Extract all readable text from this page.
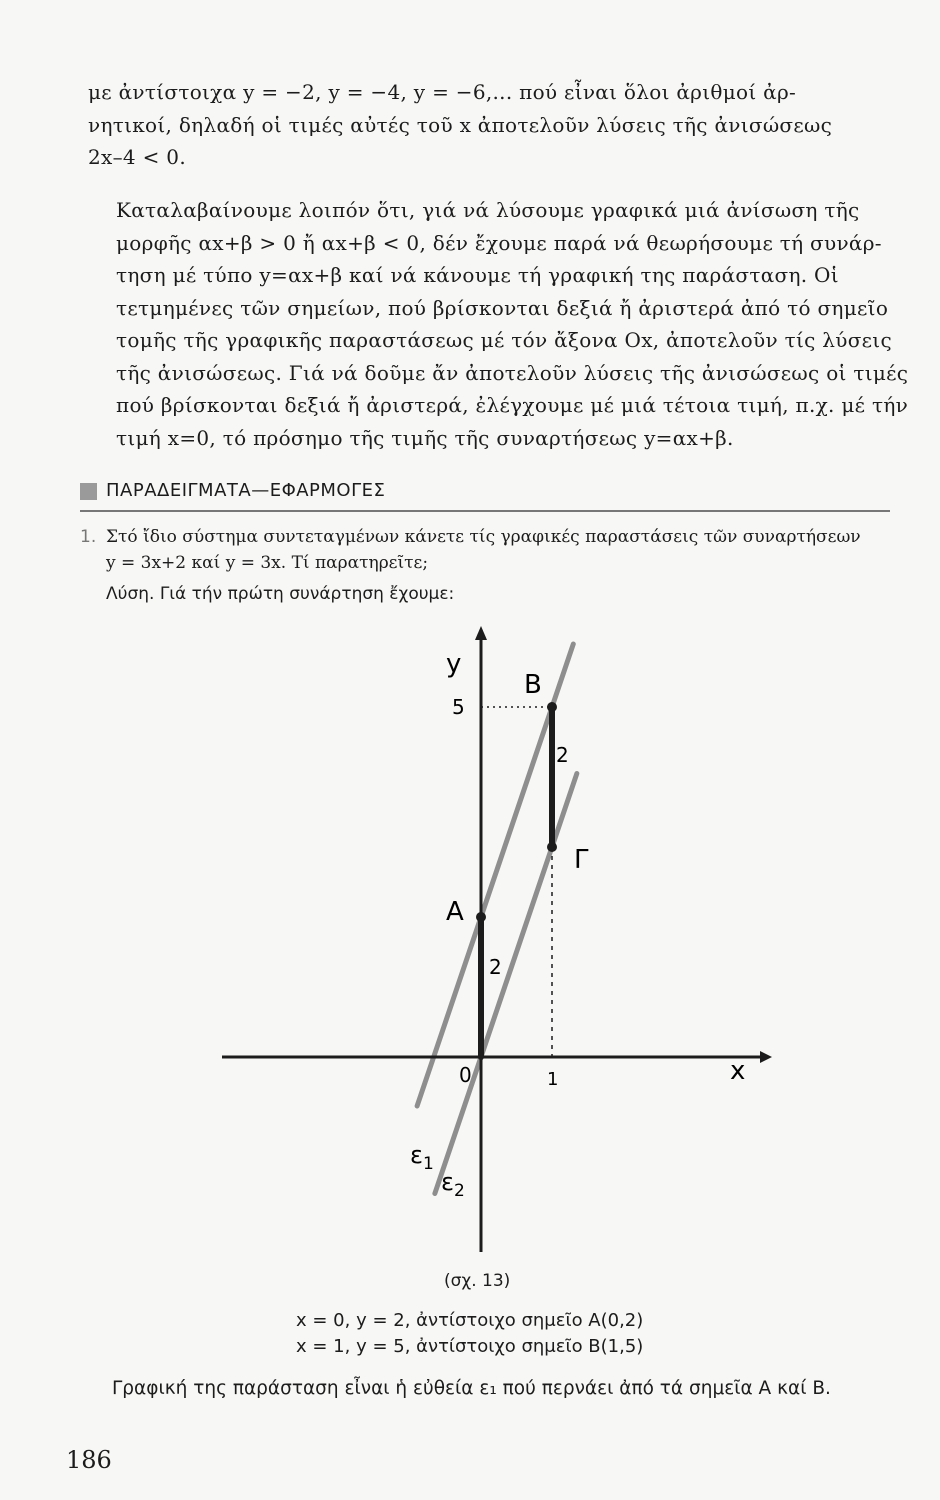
με ἀντίστοιχα y = −2, y = −4, y = −6,... πού εἶναι ὅλοι ἀριθμοί ἀρ-
νητικοί, δηλαδή οἱ τιμές αὐτές τοῦ x ἀποτελοῦν λύσεις τῆς ἀνισώσεως
2x–4 < 0.
Καταλαβαίνουμε λοιπόν ὅτι, γιά νά λύσουμε γραφικά μιά ἀνίσωση τῆς
μορφῆς αx+β > 0 ἤ αx+β < 0, δέν ἔχουμε παρά νά θεωρήσουμε τή συνάρ-
τηση μέ τύπο y=αx+β καί νά κάνουμε τή γραφική της παράσταση. Οἱ
τετμημένες τῶν σημείων, πού βρίσκονται δεξιά ἤ ἀριστερά ἀπό τό σημεῖο
τομῆς τῆς γραφικῆς παραστάσεως μέ τόν ἄξονα Οx, ἀποτελοῦν τίς λύσεις
τῆς ἀνισώσεως. Γιά νά δοῦμε ἄν ἀποτελοῦν λύσεις τῆς ἀνισώσεως οἱ τιμές
πού βρίσκονται δεξιά ἤ ἀριστερά, ἐλέγχουμε μέ μιά τέτοια τιμή, π.χ. μέ τήν
τιμή x=0, τό πρόσημο τῆς τιμῆς τῆς συναρτήσεως y=αx+β.
ΠΑΡΑΔΕΙΓΜΑΤΑ—ΕΦΑΡΜΟΓΕΣ
1. Στό ἴδιο σύστημα συντεταγμένων κάνετε τίς γραφικές παραστάσεις τῶν συναρτήσεων
y = 3x+2 καί y = 3x. Τί παρατηρεῖτε;
Λύση. Γιά τήν πρώτη συνάρτηση ἔχουμε:
y
x
0	1
5
B
A
Γ
2
2
$\varepsilon_1$
$\varepsilon_2$
(σχ. 13)
x = 0, y = 2, ἀντίστοιχο σημεῖο A(0,2)
x = 1, y = 5, ἀντίστοιχο σημεῖο B(1,5)
Γραφική της παράσταση εἶναι ἡ εὐθεία ε₁ πού περνάει ἀπό τά σημεῖα A καί B.
186
